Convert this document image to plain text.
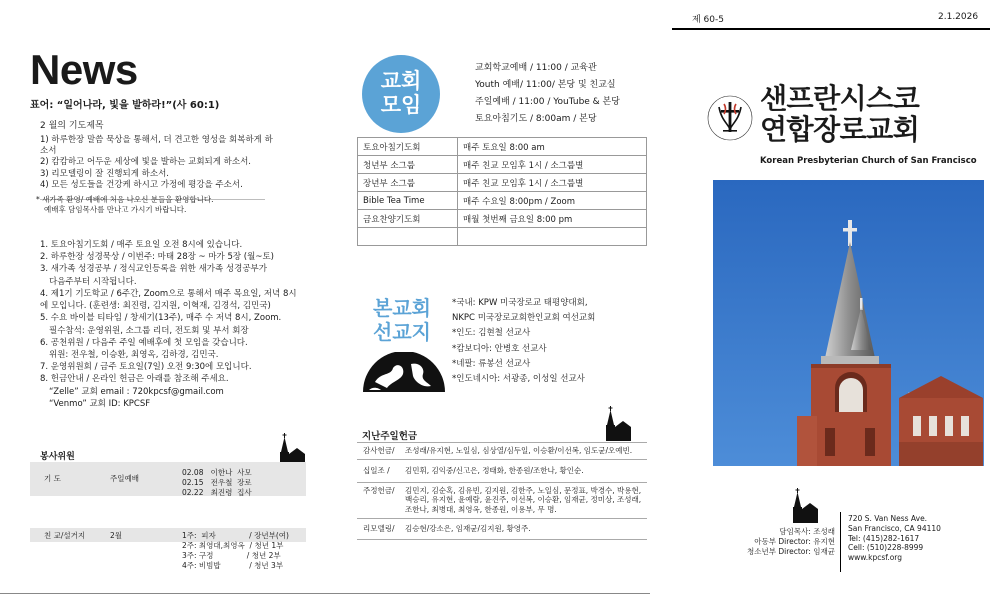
제 60-5	2.1.2026
News
표어: “일어나라, 빛을 발하라!”(사 60:1)
2 월의 기도제목
1) 하루한장 말씀 묵상을 통해서, 더 견고한 영성을 회복하게 하소서
2) 캄캄하고 어두운 세상에 빛을 발하는 교회되게 하소서.
3) 리모델링이 잘 진행되게 하소서.
4) 모든 성도들을 건강케 하시고 가정에 평강을 주소서.
* 새가족 환영/ 예배에 처음 나오신 분들을 환영합니다.
예배후 담임목사를 만나고 가시기 바랍니다.
1. 토요아침기도회 / 매주 토요일 오전 8시에 있습니다.
2. 하루한장 성경묵상 / 이번주: 마태 28장 ~ 마가 5장 (월~토)
3. 새가족 성경공부 / 정식교인등록을 위한 새가족 성경공부가
다음주부터 시작됩니다.
4. 제1기 기도학교 / 6주간, Zoom으로 통해서 매주 목요일, 저녁 8시
에 모입니다. (훈련생: 최진령, 김지원, 이혁재, 김경석, 김민국)
5. 수요 바이블 티타임 / 창세기(13주), 매주 수 저녁 8시, Zoom.
필수참석: 운영위원, 소그룹 리더, 전도회 및 부서 회장
6. 공천위원 / 다음주 주일 예배후에 첫 모임을 갖습니다.
위원: 전우철, 이승환, 최영옥, 김하경, 김민국.
7. 운영위원회 / 금주 토요일(7일) 오전 9:30에 모입니다.
8. 헌금안내 / 온라인 헌금은 아래를 참조해 주세요.
“Zelle” 교회 email : 720kpcsf@gmail.com
“Venmo” 교회 ID: KPCSF
봉사위원
기 도	주일예배
02.08   이한나  사모
02.15   전우철  장로
02.22   최진령  집사
친 교/설거지	2월	1주:  피자              / 장년부(여)
2주: 최영대,최영옥  / 청년 1부
3주: 구정              / 청년 2부
4주: 비빔밥            / 청년 3부
교회
모임
교회학교예배 / 11:00 / 교육관
Youth 예배/ 11:00/ 본당 및 친교실
주일예배 / 11:00 / YouTube & 본당
토요아침기도 / 8:00am / 본당
토요아침기도회	매주 토요일 8:00 am
청년부 소그룹	매주 친교 모임후 1시 / 소그룹별
장년부 소그룹	매주 친교 모임후 1시 / 소그룹별
Bible Tea Time	매주 수요일 8:00pm / Zoom
금요찬양기도회	매월 첫번째 금요일 8:00 pm

본교회
선교지
*국내: KPW 미국장로교 태평양대회,
NKPC 미국장로교회한인교회 여선교회
*인도: 김현철 선교사
*캄보디아: 안병호 선교사
*네팔: 류봉선 선교사
*인도네시아: 서광종, 이성일 선교사
지난주일헌금
감사헌금/	조성래/유지현, 노일심, 심상열/심두일, 이승환/이선복, 임도균/오예빈.
십일조 /	김민휘, 김익중/신고은, 정태화, 한종원/조한나, 황인순.
주정헌금/	김민지, 김순혹, 김유빈, 김지원, 김한주, 노일심, 문정표, 박경수, 박용현, 백승리, 유지현, 윤예람, 윤진주, 이선복, 이승환, 임재균, 정미상, 조성래, 조한나, 최병대, 최영옥, 한종원, 이용부, 무 명.
리모델링/	김승현/강소은, 임재균/김지원, 황영주.
샌프란시스코
연합장로교회
Korean Presbyterian Church of San Francisco
담임목사: 조성래
아동부 Director: 유지현
청소년부 Director: 임재균
720 S. Van Ness Ave.
San Francisco, CA 94110
Tel: (415)282-1617
Cell: (510)228-8999
www.kpcsf.org
